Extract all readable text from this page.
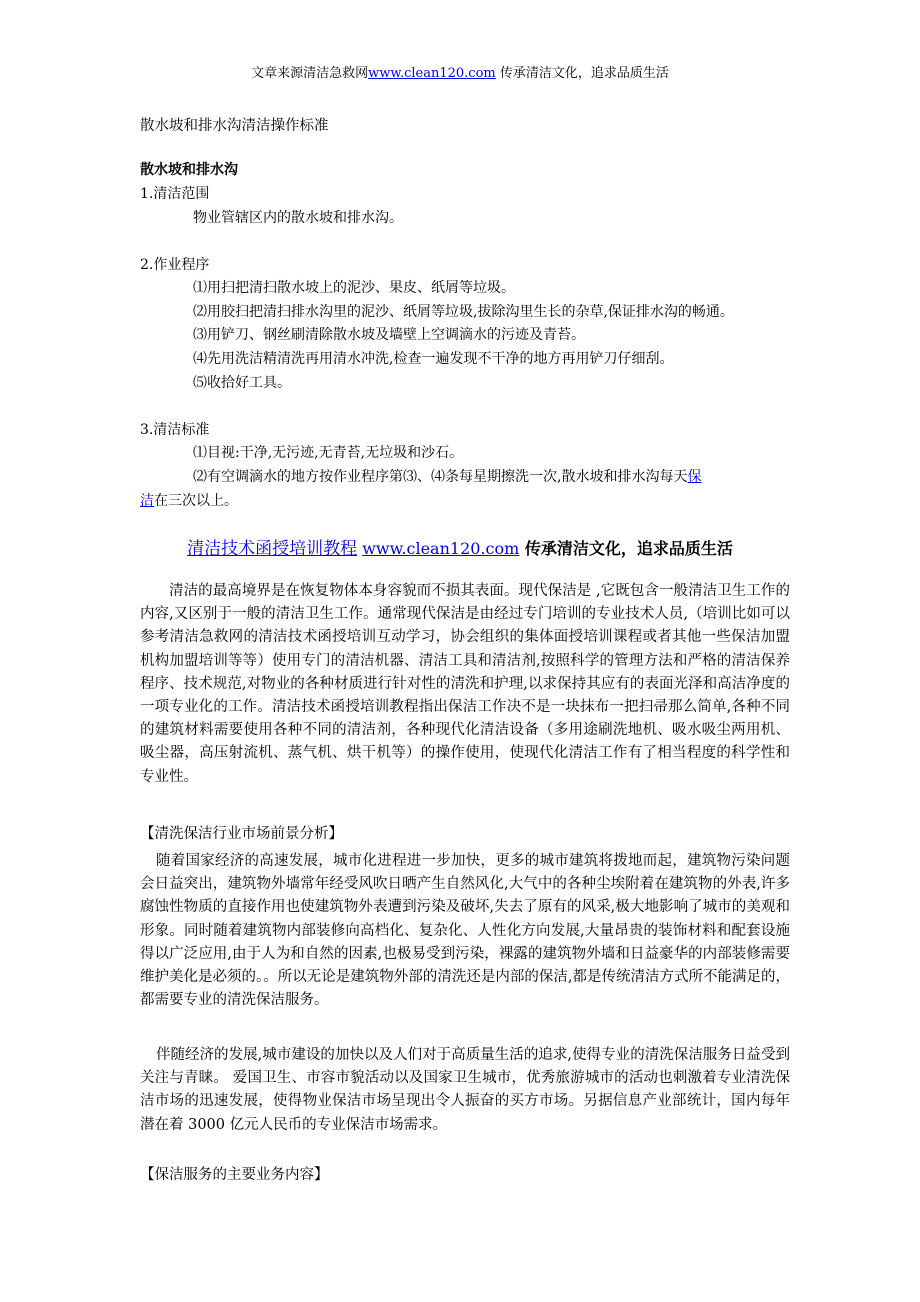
文章来源清洁急救网www.clean120.com 传承清洁文化，追求品质生活
散水坡和排水沟清洁操作标准
散水坡和排水沟
1.清洁范围
物业管辖区内的散水坡和排水沟。
2.作业程序
⑴用扫把清扫散水坡上的泥沙、果皮、纸屑等垃圾。
⑵用胶扫把清扫排水沟里的泥沙、纸屑等垃圾,拔除沟里生长的杂草,保证排水沟的畅通。
⑶用铲刀、钢丝刷清除散水坡及墙壁上空调滴水的污迹及青苔。
⑷先用洗洁精清洗再用清水冲洗,检查一遍发现不干净的地方再用铲刀仔细刮。
⑸收拾好工具。
3.清洁标准
⑴目视:干净,无污迹,无青苔,无垃圾和沙石。
⑵有空调滴水的地方按作业程序第⑶、⑷条每星期擦洗一次,散水坡和排水沟每天保
洁在三次以上。
清洁技术函授培训教程 www.clean120.com 传承清洁文化，追求品质生活

清洁的最高境界是在恢复物体本身容貌而不损其表面。现代保洁是 ,它既包含一般清洁卫生工作的内容,又区别于一般的清洁卫生工作。通常现代保洁是由经过专门培训的专业技术人员,（培训比如可以参考清洁急救网的清洁技术函授培训互动学习，协会组织的集体面授培训课程或者其他一些保洁加盟机构加盟培训等等）使用专门的清洁机器、清洁工具和清洁剂,按照科学的管理方法和严格的清洁保养程序、技术规范,对物业的各种材质进行针对性的清洗和护理,以求保持其应有的表面光泽和高洁净度的一项专业化的工作。清洁技术函授培训教程指出保洁工作决不是一块抹布一把扫帚那么简单,各种不同的建筑材料需要使用各种不同的清洁剂，各种现代化清洁设备（多用途刷洗地机、吸水吸尘两用机、吸尘器，高压射流机、蒸气机、烘干机等）的操作使用，使现代化清洁工作有了相当程度的科学性和专业性。

【清洗保洁行业市场前景分析】

随着国家经济的高速发展，城市化进程进一步加快，更多的城市建筑将拨地而起，建筑物污染问题会日益突出，建筑物外墙常年经受风吹日晒产生自然风化,大气中的各种尘埃附着在建筑物的外表,许多腐蚀性物质的直接作用也使建筑物外表遭到污染及破坏,失去了原有的风采,极大地影响了城市的美观和形象。同时随着建筑物内部装修向高档化、复杂化、人性化方向发展,大量昂贵的装饰材料和配套设施得以广泛应用,由于人为和自然的因素,也极易受到污染，裸露的建筑物外墙和日益豪华的内部装修需要维护美化是必须的。。所以无论是建筑物外部的清洗还是内部的保洁,都是传统清洁方式所不能满足的，都需要专业的清洗保洁服务。

伴随经济的发展,城市建设的加快以及人们对于高质量生活的追求,使得专业的清洗保洁服务日益受到关注与青睐。 爱国卫生、市容市貌活动以及国家卫生城市，优秀旅游城市的活动也刺激着专业清洗保洁市场的迅速发展，使得物业保洁市场呈现出令人振奋的买方市场。另据信息产业部统计，国内每年潜在着 3000 亿元人民币的专业保洁市场需求。

【保洁服务的主要业务内容】
